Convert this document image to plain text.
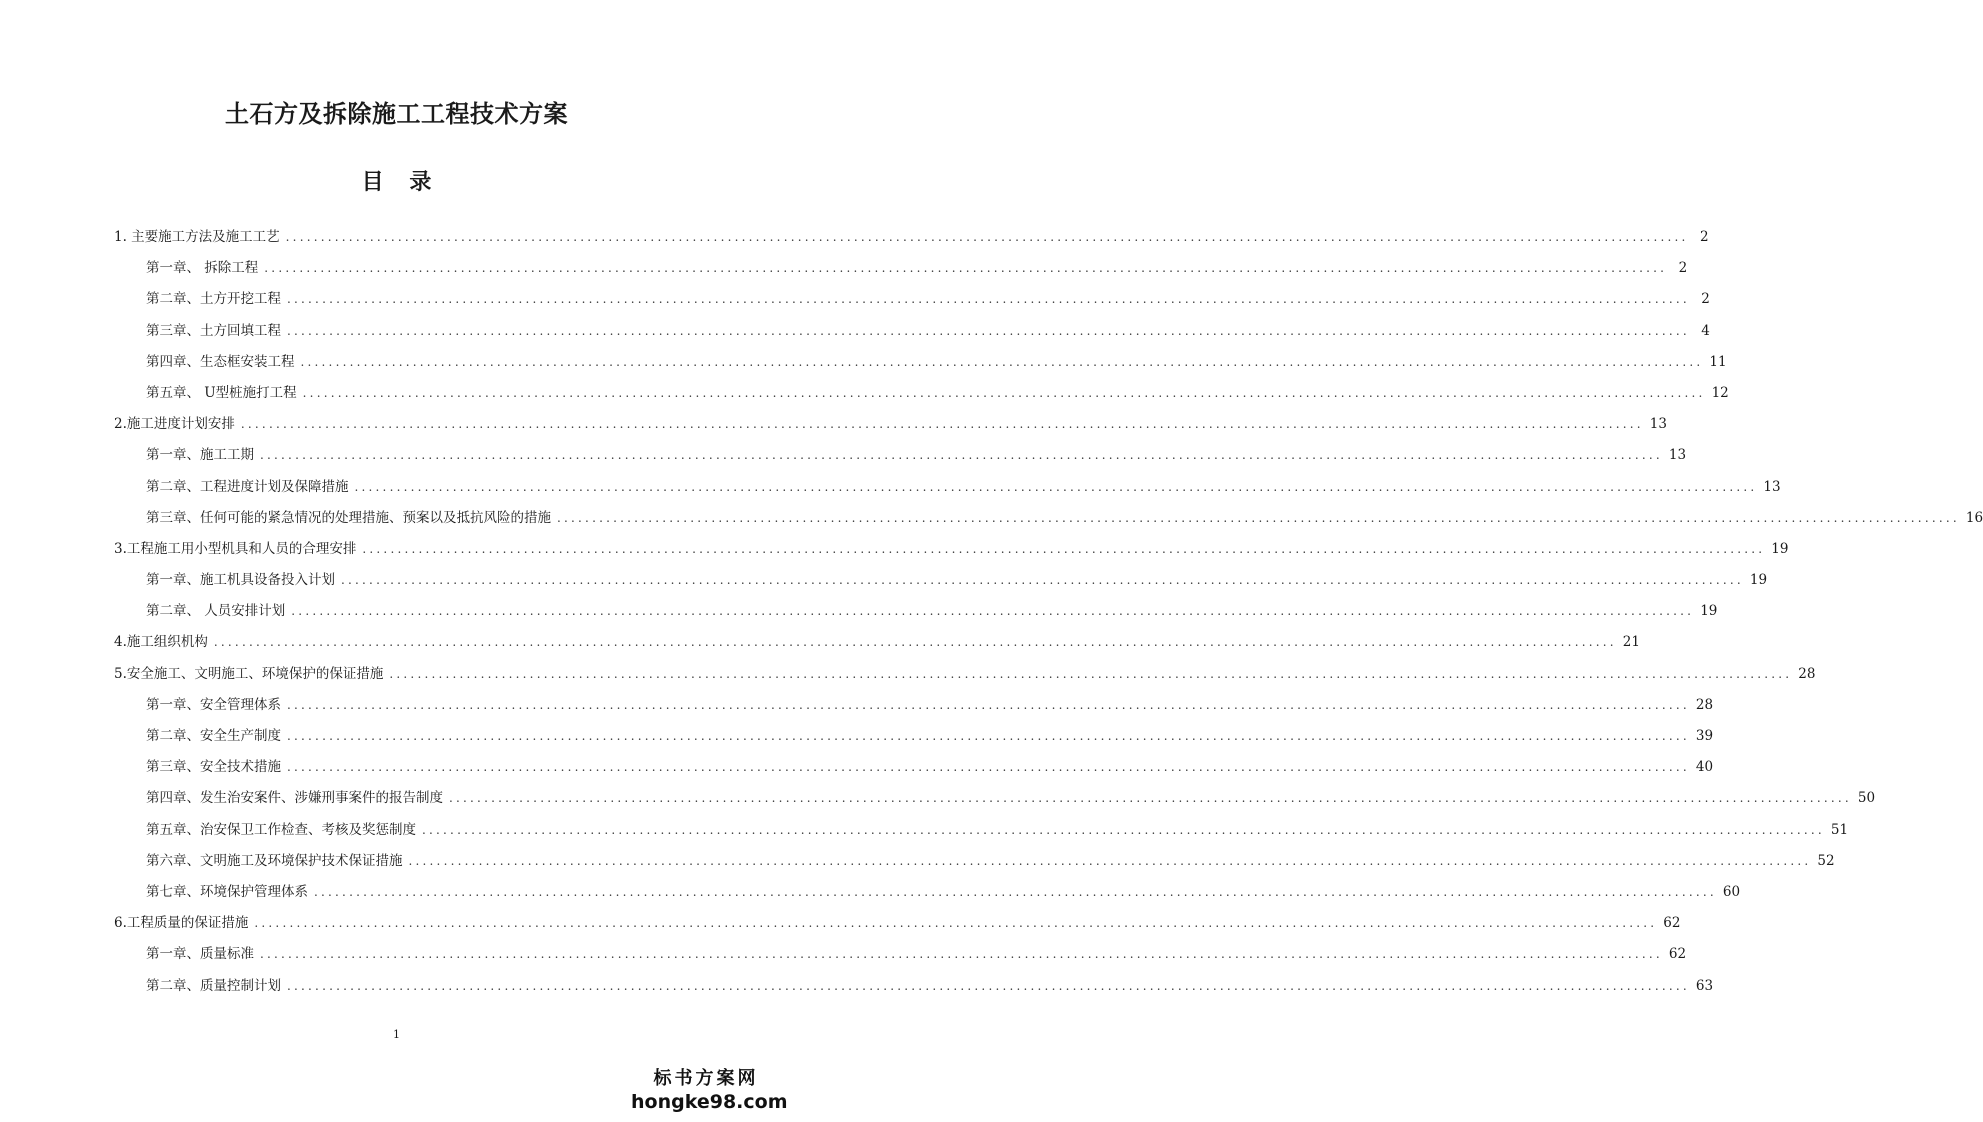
土石方及拆除施工工程技术方案
目 录
1. 主要施工方法及施工工艺 ........................................................................................................................................................................................................ 2
第一章、 拆除工程 ........................................................................................................................................................................................................ 2
第二章、土方开挖工程 ........................................................................................................................................................................................................ 2
第三章、土方回填工程 ........................................................................................................................................................................................................ 4
第四章、生态框安装工程 ........................................................................................................................................................................................................ 11
第五章、 U型桩施打工程 ........................................................................................................................................................................................................ 12
2.施工进度计划安排 ........................................................................................................................................................................................................ 13
第一章、施工工期 ........................................................................................................................................................................................................ 13
第二章、工程进度计划及保障措施 ........................................................................................................................................................................................................ 13
第三章、任何可能的紧急情况的处理措施、预案以及抵抗风险的措施 ........................................................................................................................................................................................................ 16
3.工程施工用小型机具和人员的合理安排 ........................................................................................................................................................................................................ 19
第一章、施工机具设备投入计划 ........................................................................................................................................................................................................ 19
第二章、 人员安排计划 ........................................................................................................................................................................................................ 19
4.施工组织机构 ........................................................................................................................................................................................................ 21
5.安全施工、文明施工、环境保护的保证措施 ........................................................................................................................................................................................................ 28
第一章、安全管理体系 ........................................................................................................................................................................................................ 28
第二章、安全生产制度 ........................................................................................................................................................................................................ 39
第三章、安全技术措施 ........................................................................................................................................................................................................ 40
第四章、发生治安案件、涉嫌刑事案件的报告制度 ........................................................................................................................................................................................................ 50
第五章、治安保卫工作检查、考核及奖惩制度 ........................................................................................................................................................................................................ 51
第六章、文明施工及环境保护技术保证措施 ........................................................................................................................................................................................................ 52
第七章、环境保护管理体系 ........................................................................................................................................................................................................ 60
6.工程质量的保证措施 ........................................................................................................................................................................................................ 62
第一章、质量标准 ........................................................................................................................................................................................................ 62
第二章、质量控制计划 ........................................................................................................................................................................................................ 63
1
标书方案网
hongke98.com
